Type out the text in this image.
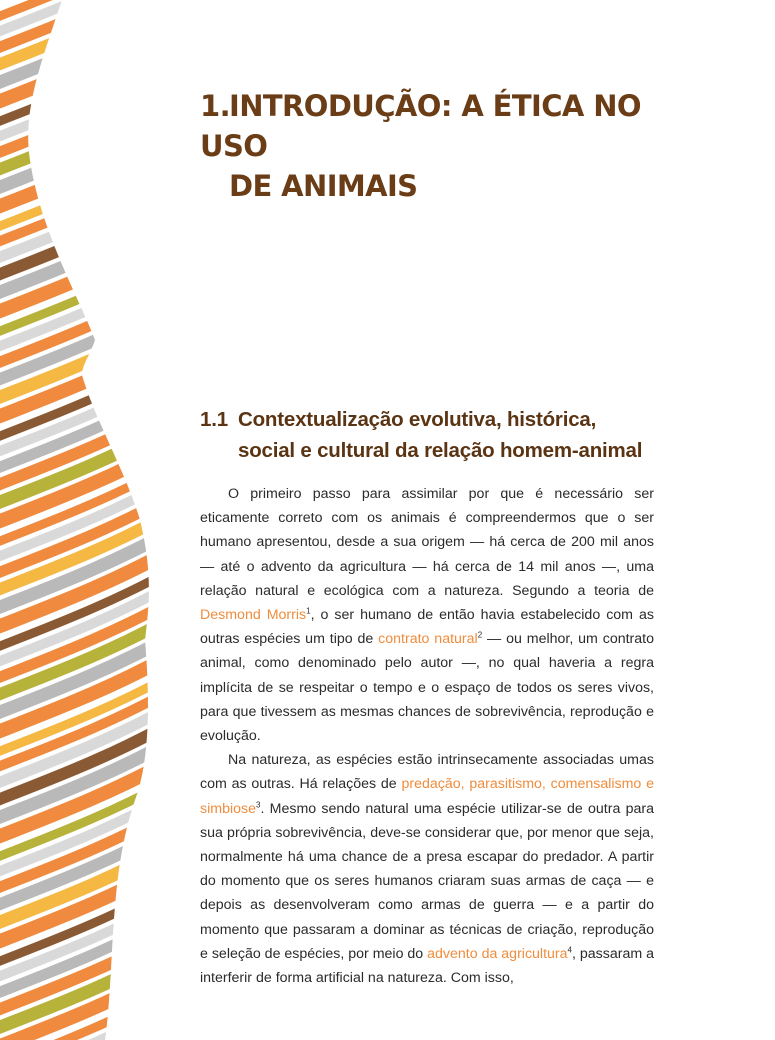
1.INTRODUÇÃO: A ÉTICA NO USO
DE ANIMAIS
1.1 Contextualização evolutiva, histórica,
social e cultural da relação homem-animal

O primeiro passo para assimilar por que é necessário ser eticamente correto com os animais é compreendermos que o ser humano apresentou, desde a sua origem — há cerca de 200 mil anos — até o advento da agricultura — há cerca de 14 mil anos —, uma relação natural e ecológica com a natureza. Segundo a teoria de Desmond Morris$^1$, o ser humano de então havia estabelecido com as outras espécies um tipo de contrato natural$^2$ — ou melhor, um contrato animal, como denominado pelo autor —, no qual haveria a regra implícita de se respeitar o tempo e o espaço de todos os seres vivos, para que tivessem as mesmas chances de sobrevivência, reprodução e evolução.

Na natureza, as espécies estão intrinsecamente associadas umas com as outras. Há relações de predação, parasitismo, comensalismo e simbiose$^3$. Mesmo sendo natural uma espécie utilizar-se de outra para sua própria sobrevivência, deve-se considerar que, por menor que seja, normalmente há uma chance de a presa escapar do predador. A partir do momento que os seres humanos criaram suas armas de caça — e depois as desenvolveram como armas de guerra — e a partir do momento que passaram a dominar as técnicas de criação, reprodução e seleção de espécies, por meio do advento da agricultura$^4$, passaram a interferir de forma artificial na natureza. Com isso,
